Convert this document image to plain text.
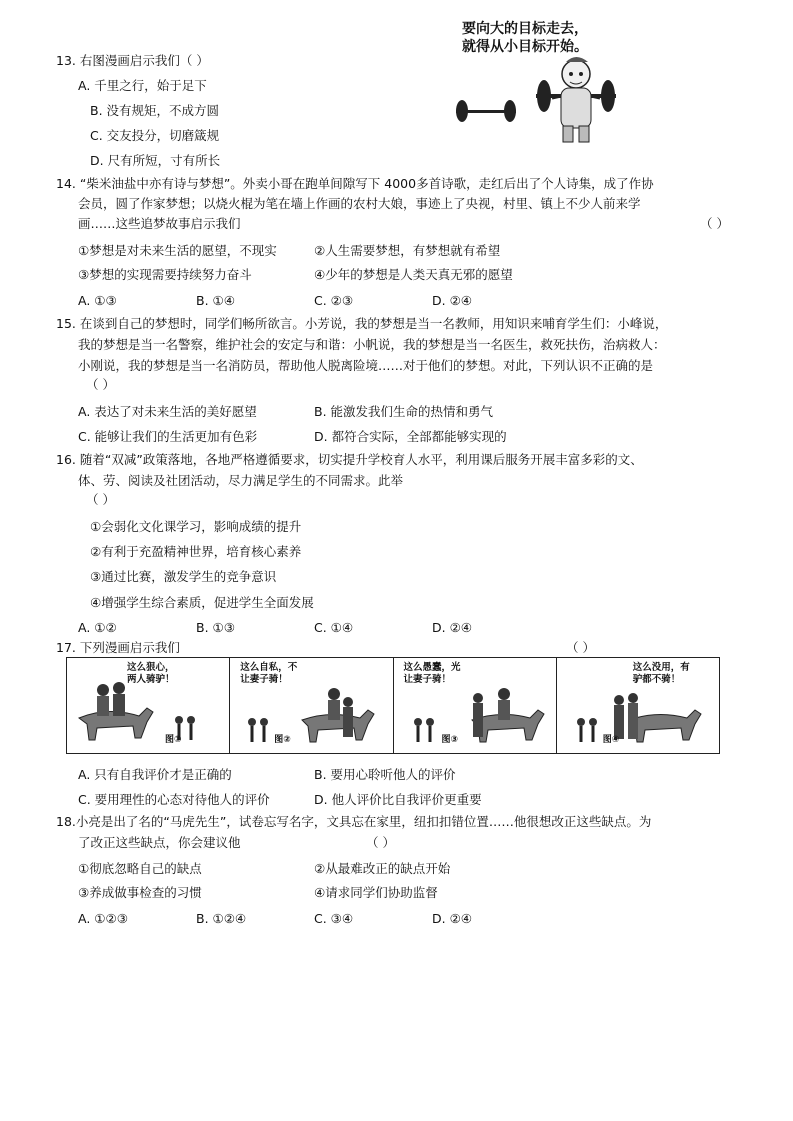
13. 右图漫画启示我们（ ）
A. 千里之行，始于足下
B. 没有规矩，不成方圆
C. 交友投分，切磨箴规
D. 尺有所短，寸有所长
要向大的目标走去，
就得从小目标开始。
14. “柴米油盐中亦有诗与梦想”。外卖小哥在跑单间隙写下 4000多首诗歌，走红后出了个人诗集，成了作协
会员，圆了作家梦想；以烧火棍为笔在墙上作画的农村大娘，事迹上了央视，村里、镇上不少人前来学
画……这些追梦故事启示我们	（ ）
①梦想是对未来生活的愿望，不现实	②人生需要梦想，有梦想就有希望
③梦想的实现需要持续努力奋斗	④少年的梦想是人类天真无邪的愿望
A. ①③	B. ①④	C. ②③	D. ②④
15. 在谈到自己的梦想时，同学们畅所欲言。小芳说，我的梦想是当一名教师，用知识来哺育学生们：小峰说，
我的梦想是当一名警察，维护社会的安定与和谐：小帆说，我的梦想是当一名医生，救死扶伤，治病救人：
小刚说，我的梦想是当一名消防员，帮助他人脱离险境……对于他们的梦想。对此，下列认识不正确的是
（ ）
A. 表达了对未来生活的美好愿望	B. 能激发我们生命的热情和勇气
C. 能够让我们的生活更加有色彩	D. 都符合实际，全部都能够实现的
16. 随着“双减”政策落地，各地严格遵循要求，切实提升学校育人水平，利用课后服务开展丰富多彩的文、
体、劳、阅读及社团活动，尽力满足学生的不同需求。此举
（ ）
①会弱化文化课学习，影响成绩的提升
②有利于充盈精神世界，培育核心素养
③通过比赛，激发学生的竞争意识
④增强学生综合素质，促进学生全面发展
A. ①②	B. ①③	C. ①④	D. ②④
17. 下列漫画启示我们	（ ）
这么狠心，
两人骑驴！
图①
这么自私，不
让妻子骑！
图②
这么愚蠢，光
让妻子骑！
图③
这么没用，有
驴都不骑！
图④
A. 只有自我评价才是正确的	B. 要用心聆听他人的评价
C. 要用理性的心态对待他人的评价	D. 他人评价比自我评价更重要
18.小亮是出了名的“马虎先生”，试卷忘写名字，文具忘在家里，纽扣扣错位置……他很想改正这些缺点。为
了改正这些缺点，你会建议他	（ ）
①彻底忽略自己的缺点	②从最难改正的缺点开始
③养成做事检查的习惯	④请求同学们协助监督
A. ①②③	B. ①②④	C. ③④	D. ②④
